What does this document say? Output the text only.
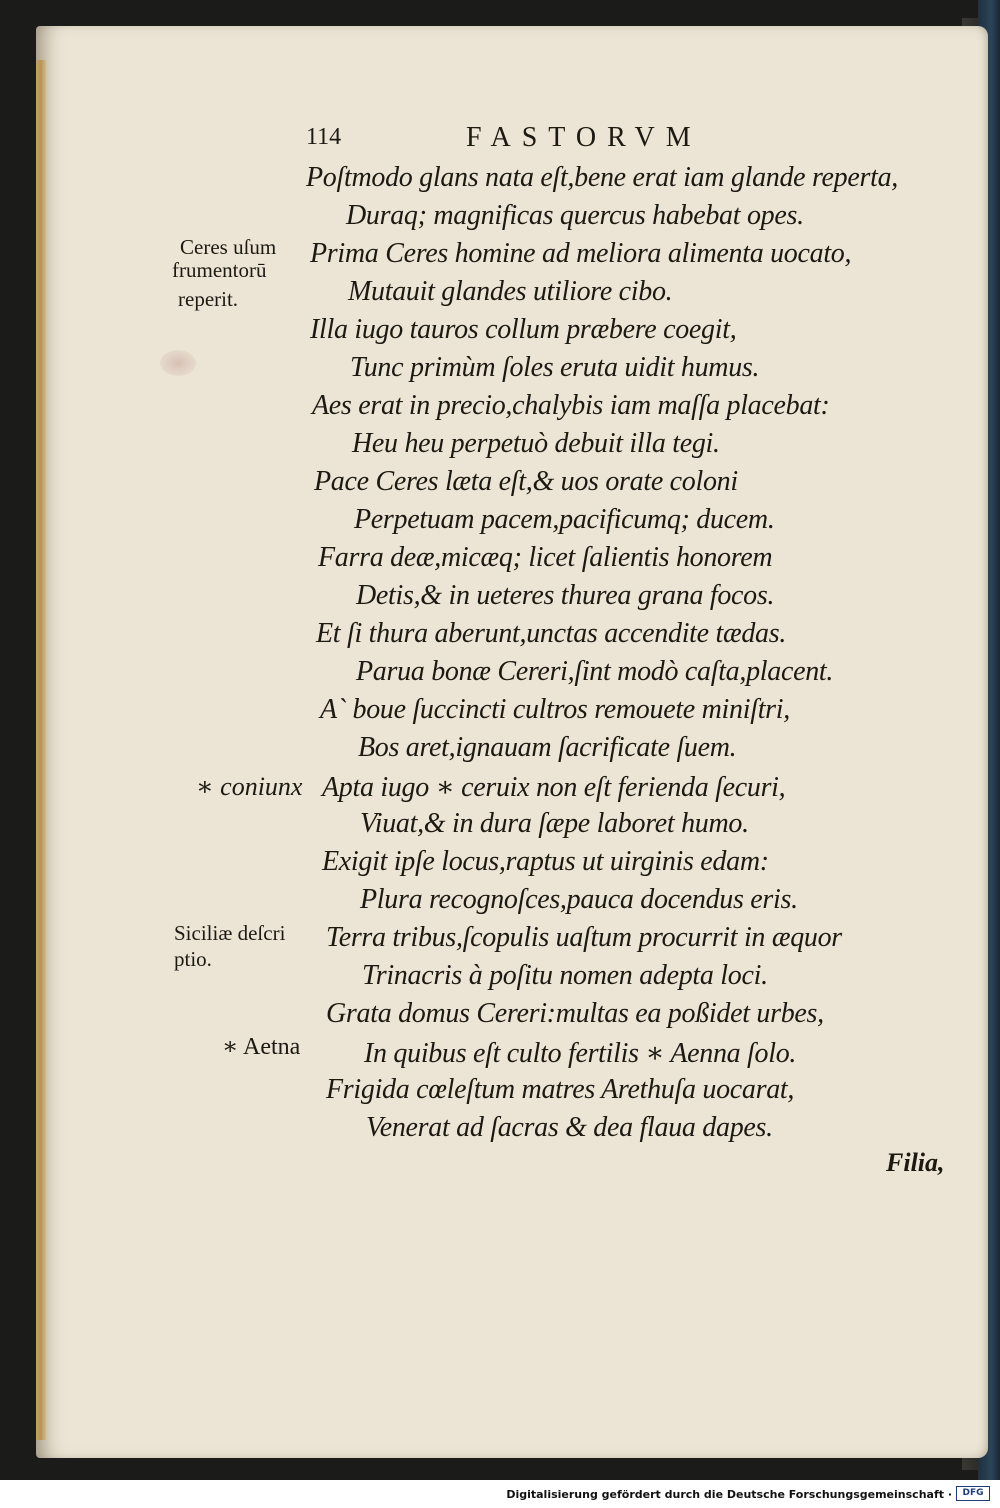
114	FASTORVM
Poſtmodo glans nata eſt,bene erat iam glande reperta,
Duraq; magnificas quercus habebat opes.
Prima Ceres homine ad meliora alimenta uocato,
Mutauit glandes utiliore cibo.
Illa iugo tauros collum præbere coegit,
Tunc primùm ſoles eruta uidit humus.
Aes erat in precio,chalybis iam maſſa placebat:
Heu heu perpetuò debuit illa tegi.
Pace Ceres læta eſt,& uos orate coloni
Perpetuam pacem,pacificumq; ducem.
Farra deæ,micæq; licet ſalientis honorem
Detis,& in ueteres thurea grana focos.
Et ſi thura aberunt,unctas accendite tædas.
Parua bonæ Cereri,ſint modò caſta,placent.
A` boue ſuccincti cultros remouete miniſtri,
Bos aret,ignauam ſacrificate ſuem.
Apta iugo ∗ ceruix non eſt ferienda ſecuri,
Viuat,& in dura ſæpe laboret humo.
Exigit ipſe locus,raptus ut uirginis edam:
Plura recognoſces,pauca docendus eris.
Terra tribus,ſcopulis uaſtum procurrit in æquor
Trinacris à poſitu nomen adepta loci.
Grata domus Cereri:multas ea poßidet urbes,
In quibus eſt culto fertilis ∗ Aenna ſolo.
Frigida cœleſtum matres Arethuſa uocarat,
Venerat ad ſacras & dea flaua dapes.
Ceres uſum
frumentorū
reperit.
∗ coniunx
Siciliæ deſcri
ptio.
∗ Aetna
Filia,
Digitalisierung gefördert durch die Deutsche Forschungsgemeinschaft ·	DFG
